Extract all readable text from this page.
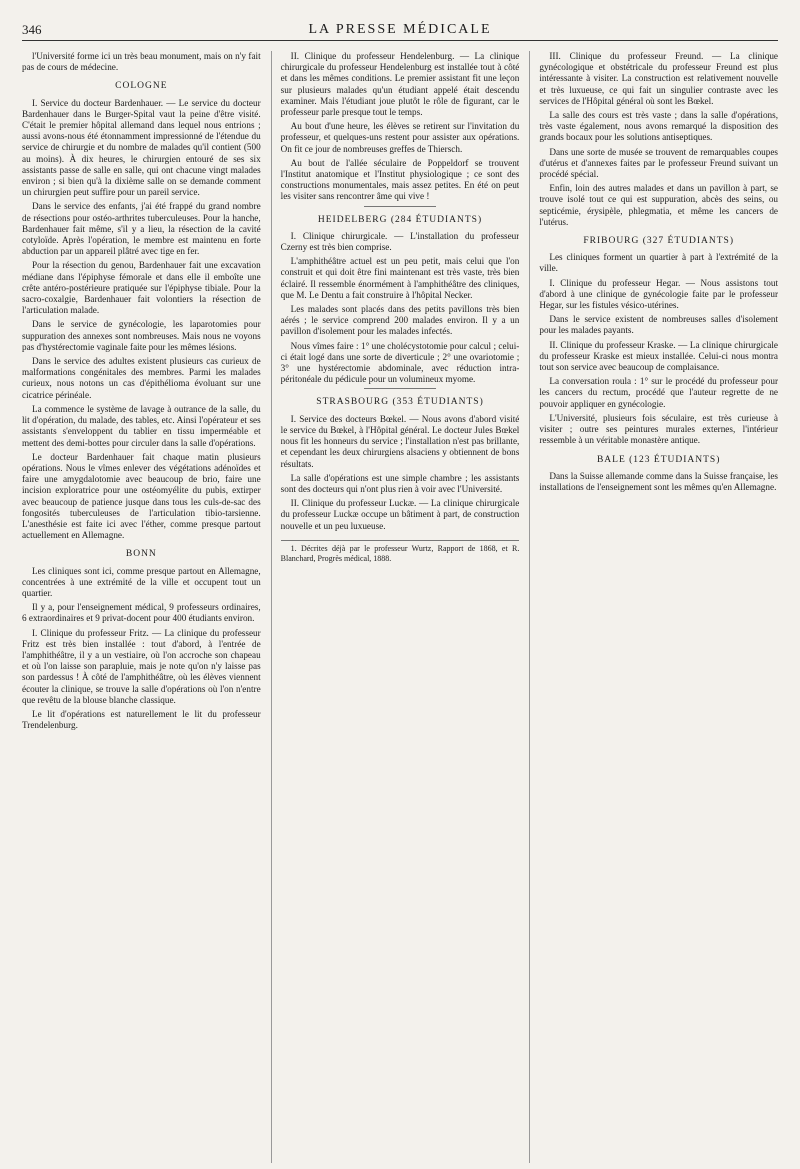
346	LA PRESSE MÉDICALE

l'Université forme ici un très beau monument, mais on n'y fait pas de cours de médecine.

COLOGNE

I. Service du docteur Bardenhauer. — Le service du docteur Bardenhauer dans le Burger-Spital vaut la peine d'être visité. C'était le premier hôpital allemand dans lequel nous entrions ; aussi avons-nous été étonnamment impressionné de l'étendue du service de chirurgie et du nombre de malades qu'il contient (500 au moins). À dix heures, le chirurgien entouré de ses six assistants passe de salle en salle, qui ont chacune vingt malades environ ; si bien qu'à la dixième salle on se demande comment un chirurgien peut suffire pour un pareil service.

Dans le service des enfants, j'ai été frappé du grand nombre de résections pour ostéo-arthrites tuberculeuses. Pour la hanche, Bardenhauer fait même, s'il y a lieu, la résection de la cavité cotyloïde. Après l'opération, le membre est maintenu en forte abduction par un appareil plâtré avec tige en fer.

Pour la résection du genou, Bardenhauer fait une excavation médiane dans l'épiphyse fémorale et dans elle il emboîte une crête antéro-postérieure pratiquée sur l'épiphyse tibiale. Pour la sacro-coxalgie, Bardenhauer fait volontiers la résection de l'articulation malade.

Dans le service de gynécologie, les laparotomies pour suppuration des annexes sont nombreuses. Mais nous ne voyons pas d'hystérectomie vaginale faite pour les mêmes lésions.

Dans le service des adultes existent plusieurs cas curieux de malformations congénitales des membres. Parmi les malades curieux, nous notons un cas d'épithélioma évoluant sur une cicatrice périnéale.

La commence le système de lavage à outrance de la salle, du lit d'opération, du malade, des tables, etc. Ainsi l'opérateur et ses assistants s'enveloppent du tablier en tissu imperméable et mettent des demi-bottes pour circuler dans la salle d'opérations.

Le docteur Bardenhauer fait chaque matin plusieurs opérations. Nous le vîmes enlever des végétations adénoïdes et faire une amygdalotomie avec beaucoup de brio, faire une incision exploratrice pour une ostéomyélite du pubis, extirper avec beaucoup de patience jusque dans tous les culs-de-sac des fongosités tuberculeuses de l'articulation tibio-tarsienne. L'anesthésie est faite ici avec l'éther, comme presque partout actuellement en Allemagne.

BONN

Les cliniques sont ici, comme presque partout en Allemagne, concentrées à une extrémité de la ville et occupent tout un quartier.

Il y a, pour l'enseignement médical, 9 professeurs ordinaires, 6 extraordinaires et 9 privat-docent pour 400 étudiants environ.

I. Clinique du professeur Fritz. — La clinique du professeur Fritz est très bien installée : tout d'abord, à l'entrée de l'amphithéâtre, il y a un vestiaire, où l'on accroche son chapeau et où l'on laisse son parapluie, mais je note qu'on n'y laisse pas son pardessus ! À côté de l'amphithéâtre, où les élèves viennent écouter la clinique, se trouve la salle d'opérations où l'on n'entre que revêtu de la blouse blanche classique.

Le lit d'opérations est naturellement le lit du professeur Trendelenburg.

II. Clinique du professeur Hendelenburg. — La clinique chirurgicale du professeur Hendelenburg est installée tout à côté et dans les mêmes conditions. Le premier assistant fit une leçon sur plusieurs malades qu'un étudiant appelé était descendu examiner. Mais l'étudiant joue plutôt le rôle de figurant, car le professeur parle presque tout le temps.

Au bout d'une heure, les élèves se retirent sur l'invitation du professeur, et quelques-uns restent pour assister aux opérations. On fit ce jour de nombreuses greffes de Thiersch.

Au bout de l'allée séculaire de Poppeldorf se trouvent l'Institut anatomique et l'Institut physiologique ; ce sont des constructions monumentales, mais assez petites. En été on peut les visiter sans rencontrer âme qui vive !

HEIDELBERG (284 ÉTUDIANTS)

I. Clinique chirurgicale. — L'installation du professeur Czerny est très bien comprise.

L'amphithéâtre actuel est un peu petit, mais celui que l'on construit et qui doit être fini maintenant est très vaste, très bien éclairé. Il ressemble énormément à l'amphithéâtre des cliniques, que M. Le Dentu a fait construire à l'hôpital Necker.

Les malades sont placés dans des petits pavillons très bien aérés ; le service comprend 200 malades environ. Il y a un pavillon d'isolement pour les malades infectés.

Nous vîmes faire : 1° une cholécystotomie pour calcul ; celui-ci était logé dans une sorte de diverticule ; 2° une ovariotomie ; 3° une hystérectomie abdominale, avec réduction intra-péritonéale du pédicule pour un volumineux myome.

STRASBOURG (353 ÉTUDIANTS)

I. Service des docteurs Bœkel. — Nous avons d'abord visité le service du Bœkel, à l'Hôpital général. Le docteur Jules Bœkel nous fit les honneurs du service ; l'installation n'est pas brillante, et cependant les deux chirurgiens alsaciens y obtiennent de bons résultats.

La salle d'opérations est une simple chambre ; les assistants sont des docteurs qui n'ont plus rien à voir avec l'Université.

II. Clinique du professeur Luckæ. — La clinique chirurgicale du professeur Luckæ occupe un bâtiment à part, de construction nouvelle et un peu luxueuse.

1. Décrites déjà par le professeur Wurtz, Rapport de 1868, et R. Blanchard, Progrès médical, 1888.

III. Clinique du professeur Freund. — La clinique gynécologique et obstétricale du professeur Freund est plus intéressante à visiter. La construction est relativement nouvelle et très luxueuse, ce qui fait un singulier contraste avec les services de l'Hôpital général où sont les Bœkel.

La salle des cours est très vaste ; dans la salle d'opérations, très vaste également, nous avons remarqué la disposition des grands bocaux pour les solutions antiseptiques.

Dans une sorte de musée se trouvent de remarquables coupes d'utérus et d'annexes faites par le professeur Freund suivant un procédé spécial.

Enfin, loin des autres malades et dans un pavillon à part, se trouve isolé tout ce qui est suppuration, abcès des seins, ou septicémie, érysipèle, phlegmatia, et même les cancers de l'utérus.

FRIBOURG (327 ÉTUDIANTS)

Les cliniques forment un quartier à part à l'extrémité de la ville.

I. Clinique du professeur Hegar. — Nous assistons tout d'abord à une clinique de gynécologie faite par le professeur Hegar, sur les fistules vésico-utérines.

Dans le service existent de nombreuses salles d'isolement pour les malades payants.

II. Clinique du professeur Kraske. — La clinique chirurgicale du professeur Kraske est mieux installée. Celui-ci nous montra tout son service avec beaucoup de complaisance.

La conversation roula : 1° sur le procédé du professeur pour les cancers du rectum, procédé que l'auteur regrette de ne pouvoir appliquer en gynécologie.

L'Université, plusieurs fois séculaire, est très curieuse à visiter ; outre ses peintures murales externes, l'intérieur ressemble à un véritable monastère antique.

BALE (123 ÉTUDIANTS)

Dans la Suisse allemande comme dans la Suisse française, les installations de l'enseignement sont les mêmes qu'en Allemagne.
